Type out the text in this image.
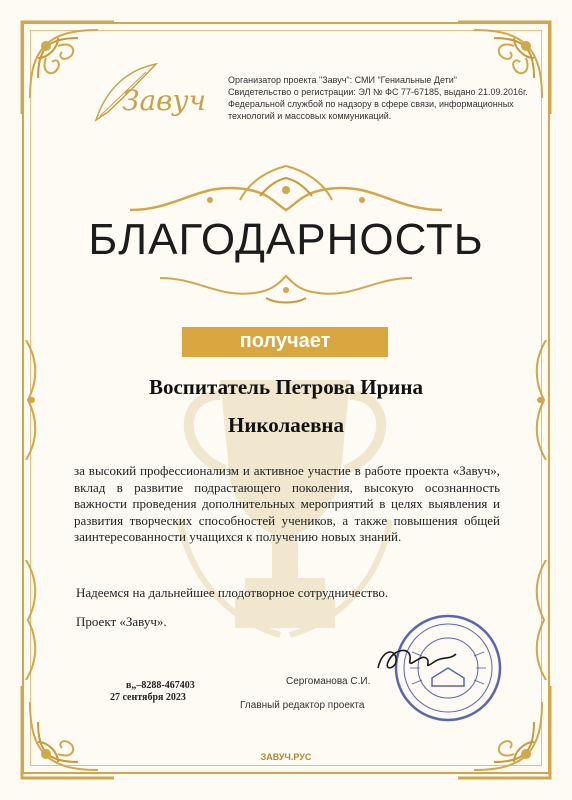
Завуч
Организатор проекта "Завуч": СМИ "Гениальные Дети"
Свидетельство о регистрации: ЭЛ № ФС 77-67185, выдано 21.09.2016г.
Федеральной службой по надзору в сфере связи, информационных
технологий и массовых коммуникаций.
БЛАГОДАРНОСТЬ
получает
Воспитатель Петрова Ирина
Николаевна
за высокий профессионализм и активное участие в работе проекта «Завуч», вклад в развитие подрастающего поколения, высокую осознанность важности проведения дополнительных мероприятий в целях выявления и развития творческих способностей учеников, а также повышения общей заинтересованности учащихся к получению новых знаний.
Надеемся на дальнейшее плодотворное сотрудничество.
Проект «Завуч».
в„–8288-467403
27 сентября 2023
Сергоманова С.И.
Главный редактор проекта
ЗАВУЧ.РУС
